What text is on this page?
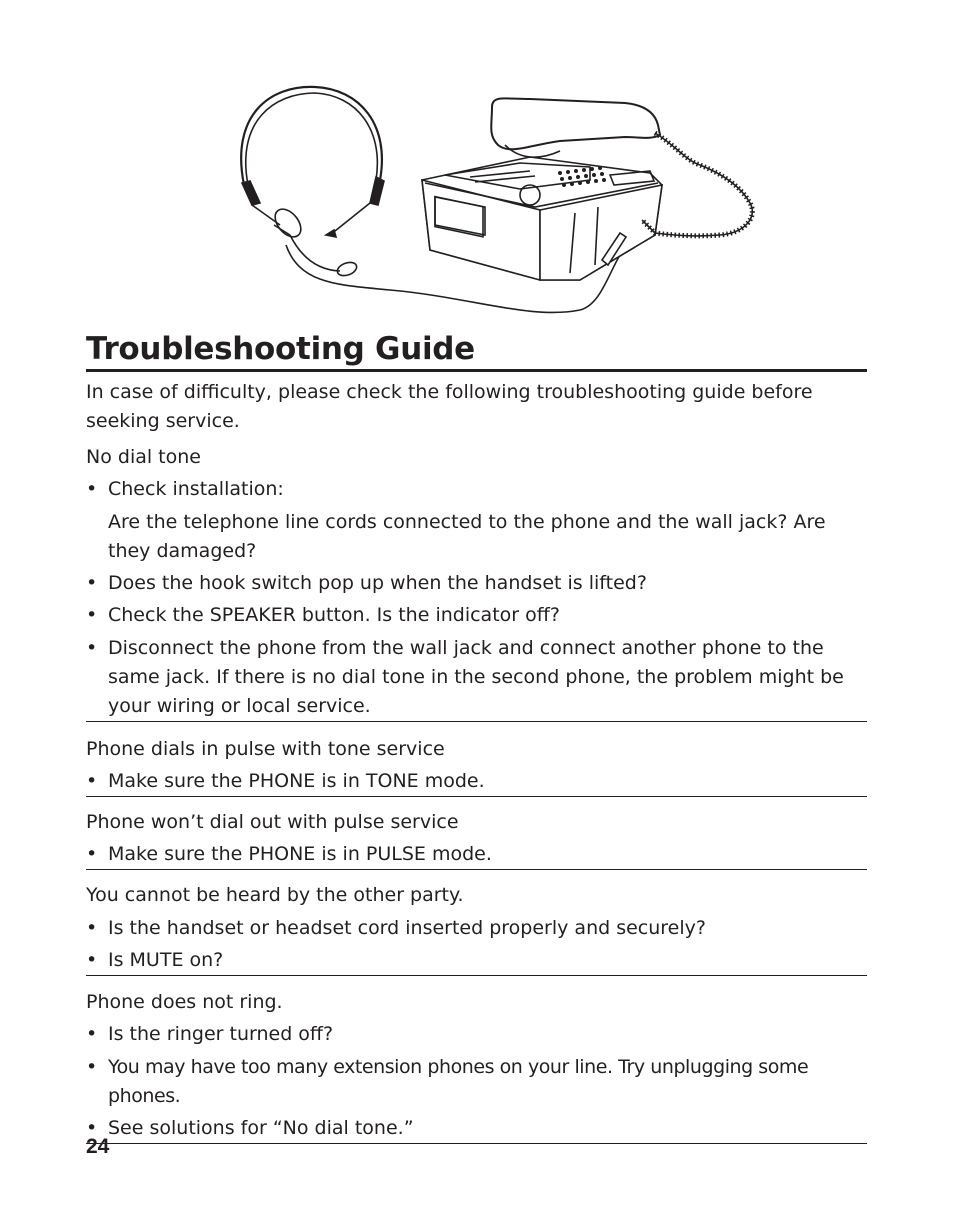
Troubleshooting Guide

In case of difficulty, please check the following troubleshooting guide before seeking service.

No dial tone

• Check installation:

Are the telephone line cords connected to the phone and the wall jack? Are they damaged?

• Does the hook switch pop up when the handset is lifted?
• Check the SPEAKER button. Is the indicator off?
• Disconnect the phone from the wall jack and connect another phone to the same jack. If there is no dial tone in the second phone, the problem might be your wiring or local service.

Phone dials in pulse with tone service

• Make sure the PHONE is in TONE mode.

Phone won’t dial out with pulse service

• Make sure the PHONE is in PULSE mode.

You cannot be heard by the other party.

• Is the handset or headset cord inserted properly and securely?
• Is MUTE on?

Phone does not ring.

• Is the ringer turned off?
• You may have too many extension phones on your line. Try unplugging some phones.
• See solutions for “No dial tone.”
24
